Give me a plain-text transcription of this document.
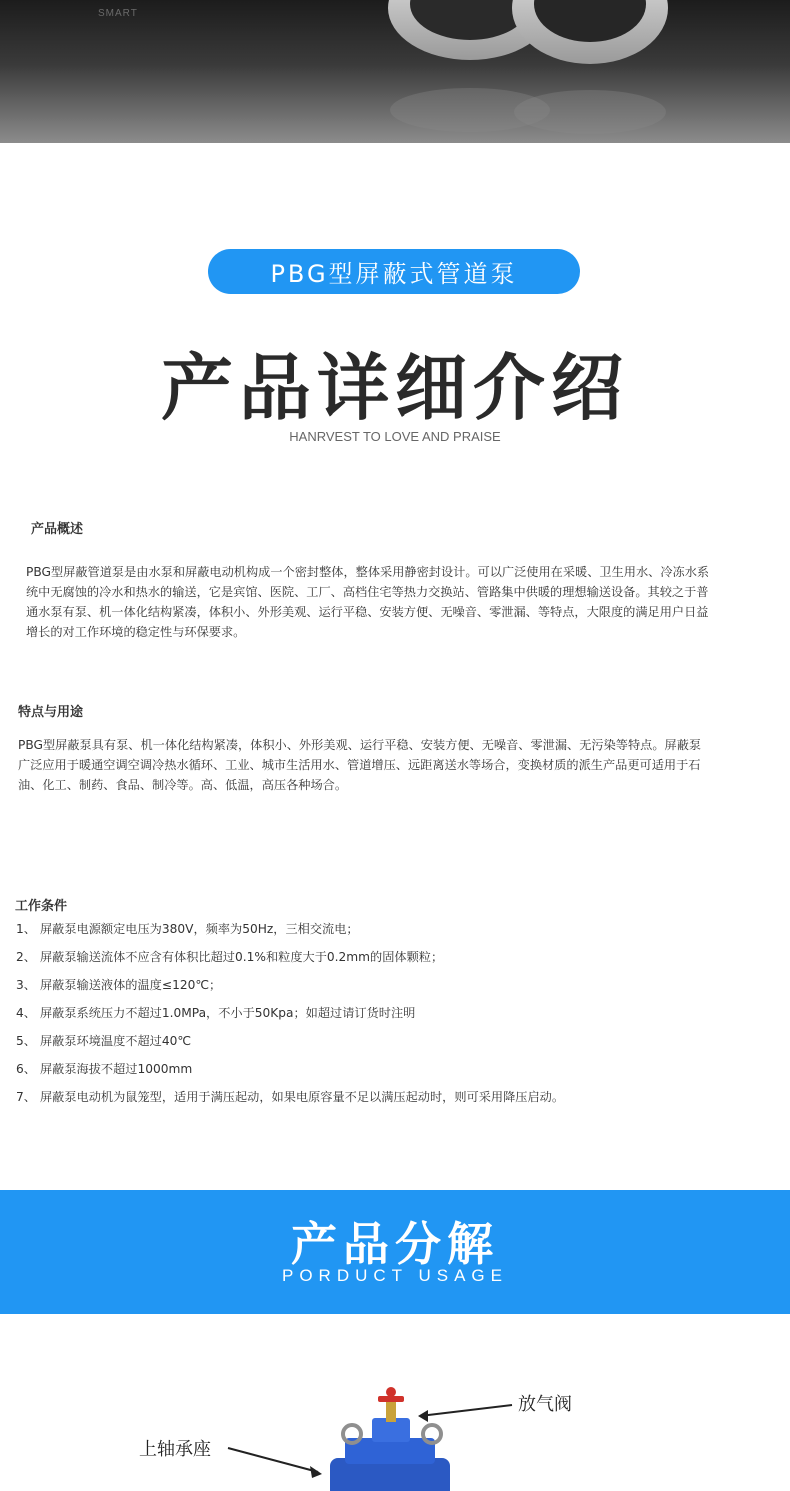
SMART
PBG型屏蔽式管道泵
产品详细介绍
HANRVEST TO LOVE AND PRAISE
产品概述
PBG型屏蔽管道泵是由水泵和屏蔽电动机构成一个密封整体，整体采用静密封设计。可以广泛使用在采暖、卫生用水、冷冻水系
统中无腐蚀的冷水和热水的输送，它是宾馆、医院、工厂、高档住宅等热力交换站、管路集中供暖的理想输送设备。其较之于普
通水泵有泵、机一体化结构紧凑，体积小、外形美观、运行平稳、安装方便、无噪音、零泄漏、等特点，大限度的满足用户日益
增长的对工作环境的稳定性与环保要求。
特点与用途
PBG型屏蔽泵具有泵、机一体化结构紧凑，体积小、外形美观、运行平稳、安装方便、无噪音、零泄漏、无污染等特点。屏蔽泵
广泛应用于暖通空调空调冷热水循环、工业、城市生活用水、管道增压、远距离送水等场合，变换材质的派生产品更可适用于石
油、化工、制药、食品、制冷等。高、低温，高压各种场合。
工作条件
1、 屏蔽泵电源额定电压为380V，频率为50Hz，三相交流电；
2、 屏蔽泵输送流体不应含有体积比超过0.1%和粒度大于0.2mm的固体颗粒；
3、 屏蔽泵输送液体的温度≤120℃；
4、 屏蔽泵系统压力不超过1.0MPa，不小于50Kpa；如超过请订货时注明
5、 屏蔽泵环境温度不超过40℃
6、 屏蔽泵海拔不超过1000mm
7、 屏蔽泵电动机为鼠笼型，适用于满压起动，如果电原容量不足以满压起动时，则可采用降压启动。
产品分解
PORDUCT USAGE
放气阀
上轴承座
